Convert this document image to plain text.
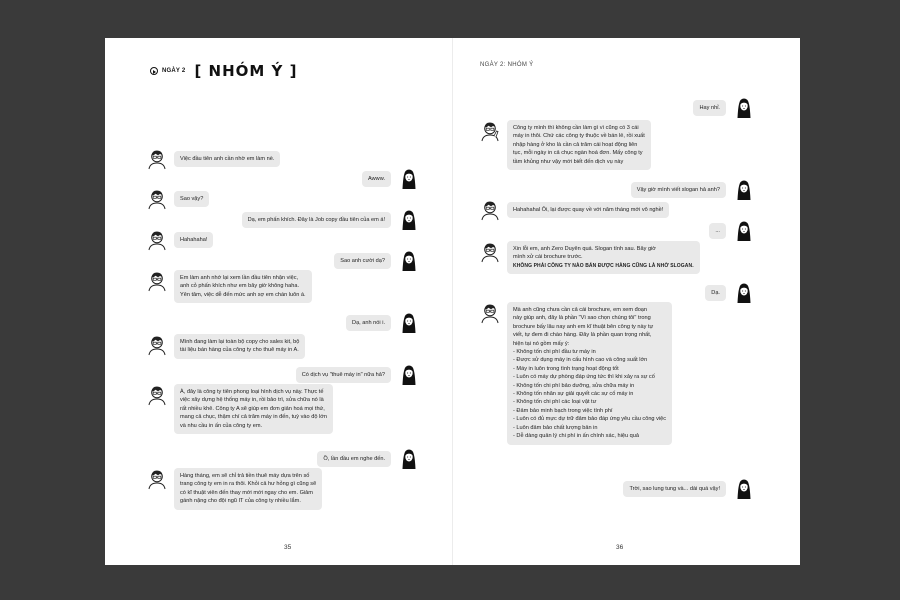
NGÀY 2 [ NHÓM Ý ]
Việc đầu tiên anh cần nhờ em làm nè.
Awww.
Sao vậy?
Dạ, em phấn khích. Đây là Job copy đầu tiên của em á!
Hahahaha!
Sao anh cười dạ?
Em làm anh nhớ lại xem lần đầu tiên nhận việc,
anh cỏ phấn khích như em bây giờ không haha.
Yên tâm, việc dễ đến mức anh sợ em chán luôn á.
Dạ, anh nói i.
Mình đang làm lại toàn bộ copy cho sales kit, bộ
tài liệu bán hàng của công ty cho thuê máy in A.
Có dịch vụ "thuê máy in" nữa hả?
À, đây là công ty tiên phong loại hình dịch vụ này. Thực tế
việc xây dựng hệ thống máy in, rồi bảo trì, sửa chữa nó là
rất nhiều khê. Công ty A sẽ giúp em đơn giản hoá mọi thứ,
mang cả chục, thậm chí cả trăm máy in đến, tuỳ vào độ lớn
và nhu cầu in ấn của công ty em.
Ồ, lần đầu em nghe đến.
Hàng tháng, em sẽ chỉ trả tiền thuê máy dựa trên số
trang công ty em in ra thôi. Khỏi cả hư hỏng gì cũng sẽ
có kĩ thuật viên đến thay mới mới ngay cho em. Giảm
gánh nặng cho đội ngũ IT của công ty nhiều lắm.
35
NGÀY 2: NHÓM Ý
Hay nhỉ.
Công ty mình thì không cần làm gì vì cũng có 3 cái
máy in thôi. Chứ các công ty thuộc về bán lẻ, rồi xuất
nhập hàng ở kho là cần cả trăm cái hoạt động liên
tục, mỗi ngày in cả chục ngàn hoá đơn. Mấy công ty
tầm khủng như vậy mới biết đến dịch vụ này
Vậy giờ mình viết slogan hả anh?
Hahahahal Ôi, lại được quay về với năm tháng mới vô nghề!
...
Xin lỗi em, anh Zero Duyên quá. Slogan tính sau. Bây giờ
mình xử cái brochure trước.
KHÔNG PHẢI CÔNG TY NÀO BÁN ĐƯỢC HÀNG CŨNG LÀ NHỜ SLOGAN.
Dạ.
Mà anh cũng chưa cần cả cái brochure, em xem đoạn
này giúp anh, đây là phần "Vì sao chọn chúng tôi" trong
brochure bấy lâu nay anh em kĩ thuật bên công ty này tự
viết, tự đem đi chào hàng. Đây là phần quan trọng nhất,
hiện tại nó gồm mấy ý:
- Không tốn chi phí đầu tư máy in
- Được sử dụng máy in cấu hình cao và công suất lớn
- Máy in luôn trong tình trạng hoạt động tốt
- Luôn có máy dự phòng đáp ứng tức thì khi xảy ra sự cố
- Không tốn chi phí bảo dưỡng, sửa chữa máy in
- Không tốn nhân sự giải quyết các sự cố máy in
- Không tốn chi phí các loại vật tư
- Đảm bảo minh bạch trong việc tính phí
- Luôn có đủ mực dự trữ đảm bảo đáp ứng yêu cầu công việc
- Luôn đảm bảo chất lượng bản in
- Dễ dàng quản lý chi phí in ấn chính xác, hiệu quả
Trời, sao lung tung và... dài quá vậy!
36
